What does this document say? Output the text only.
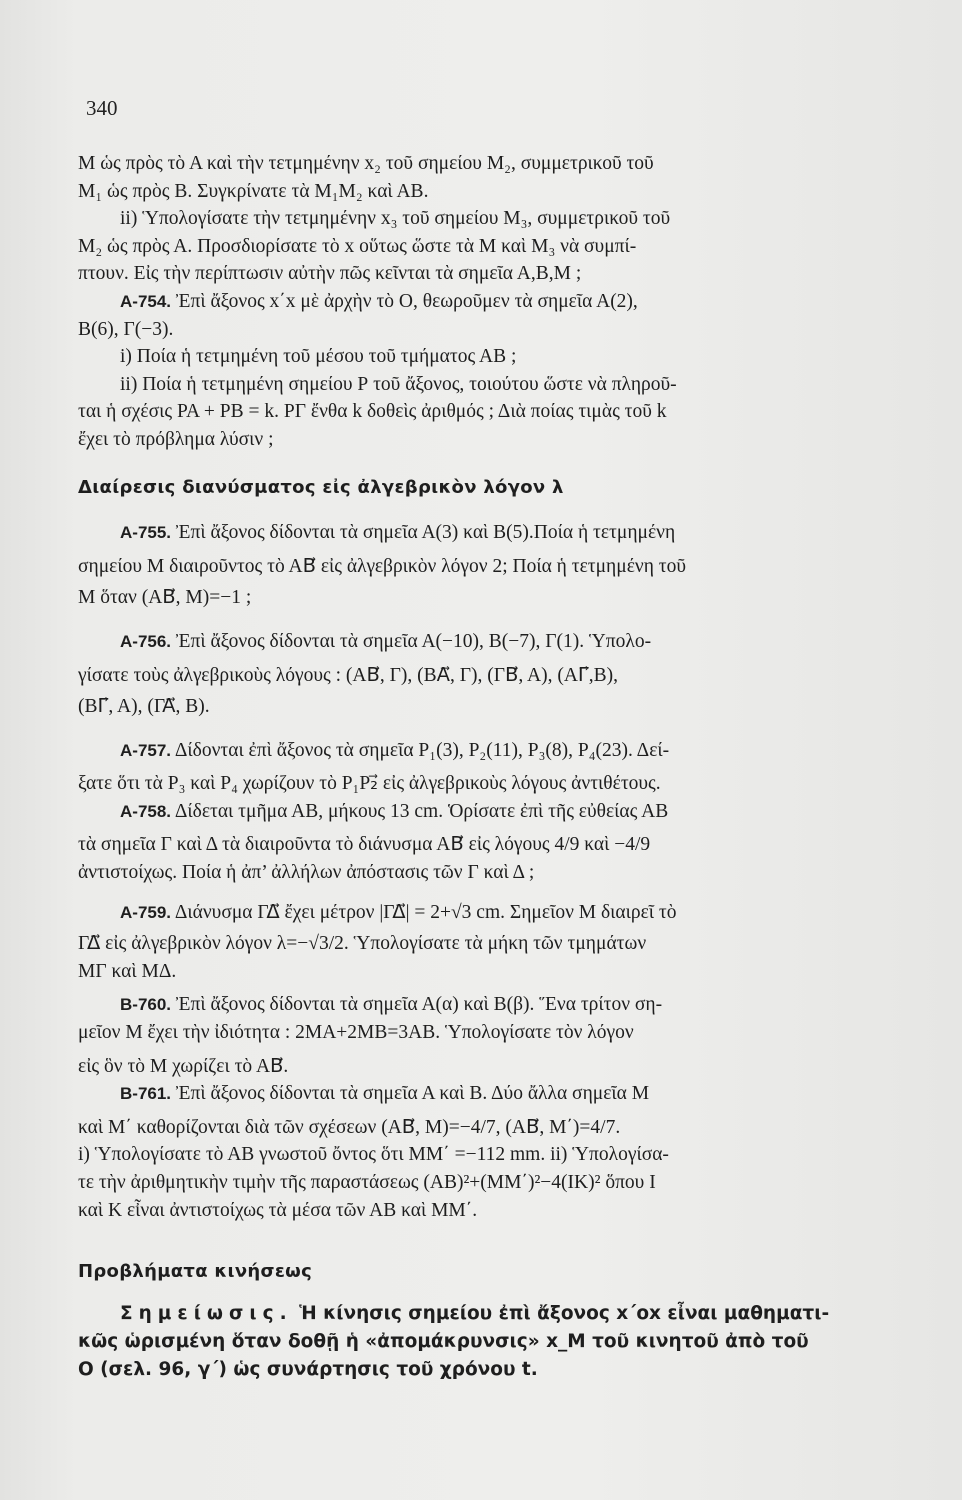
340
Μ ὡς πρὸς τὸ Α καὶ τὴν τετμημένην x₂ τοῦ σημείου Μ₂, συμμετρικοῦ τοῦ
Μ₁ ὡς πρὸς Β. Συγκρίνατε τὰ Μ₁Μ₂ καὶ ΑΒ.
ii) Ὑπολογίσατε τὴν τετμημένην x₃ τοῦ σημείου Μ₃, συμμετρικοῦ τοῦ
Μ₂ ὡς πρὸς Α. Προσδιορίσατε τὸ x οὕτως ὥστε τὰ Μ καὶ Μ₃ νὰ συμπί-
πτουν. Εἰς τὴν περίπτωσιν αὐτὴν πῶς κεῖνται τὰ σημεῖα Α,Β,Μ ;
Α-754. Ἐπὶ ἄξονος x΄x μὲ ἀρχὴν τὸ Ο, θεωροῦμεν τὰ σημεῖα Α(2),
Β(6), Γ(−3).
i) Ποία ἡ τετμημένη τοῦ μέσου τοῦ τμήματος ΑΒ ;
ii) Ποία ἡ τετμημένη σημείου Ρ τοῦ ἄξονος, τοιούτου ὥστε νὰ πληροῦ-
ται ἡ σχέσις ΡΑ + ΡΒ = k. ΡΓ ἔνθα k δοθεὶς ἀριθμός ; Διὰ ποίας τιμὰς τοῦ k
ἔχει τὸ πρόβλημα λύσιν ;
Διαίρεσις διανύσματος εἰς ἀλγεβρικὸν λόγον λ
Α-755. Ἐπὶ ἄξονος δίδονται τὰ σημεῖα Α(3) καὶ Β(5).Ποία ἡ τετμημένη
σημείου Μ διαιροῦντος τὸ ΑΒ⃗ εἰς ἀλγεβρικὸν λόγον 2; Ποία ἡ τετμημένη τοῦ
Μ ὅταν (ΑΒ⃗, Μ)=−1 ;
Α-756. Ἐπὶ ἄξονος δίδονται τὰ σημεῖα Α(−10), Β(−7), Γ(1). Ὑπολο-
γίσατε τοὺς ἀλγεβρικοὺς λόγους : (ΑΒ⃗, Γ), (ΒΑ⃗, Γ), (ΓΒ⃗, Α), (ΑΓ⃗,Β),
(ΒΓ⃗, Α), (ΓΑ⃗, Β).
Α-757. Δίδονται ἐπὶ ἄξονος τὰ σημεῖα Ρ₁(3), Ρ₂(11), Ρ₃(8), Ρ₄(23). Δεί-
ξατε ὅτι τὰ Ρ₃ καὶ Ρ₄ χωρίζουν τὸ Ρ₁Ρ₂⃗ εἰς ἀλγεβρικοὺς λόγους ἀντιθέτους.
Α-758. Δίδεται τμῆμα ΑΒ, μήκους 13 cm. Ὁρίσατε ἐπὶ τῆς εὐθείας ΑΒ
τὰ σημεῖα Γ καὶ Δ τὰ διαιροῦντα τὸ διάνυσμα ΑΒ⃗ εἰς λόγους 4/9 καὶ −4/9
ἀντιστοίχως. Ποία ἡ ἀπ’ ἀλλήλων ἀπόστασις τῶν Γ καὶ Δ ;
Α-759. Διάνυσμα ΓΔ⃗ ἔχει μέτρον |ΓΔ⃗| = 2+√3 cm. Σημεῖον Μ διαιρεῖ τὸ
ΓΔ⃗ εἰς ἀλγεβρικὸν λόγον λ=−√3/2. Ὑπολογίσατε τὰ μήκη τῶν τμημάτων
ΜΓ καὶ ΜΔ.
Β-760. Ἐπὶ ἄξονος δίδονται τὰ σημεῖα Α(α) καὶ Β(β). Ἕνα τρίτον ση-
μεῖον Μ ἔχει τὴν ἰδιότητα : 2ΜΑ+2ΜΒ=3ΑΒ. Ὑπολογίσατε τὸν λόγον
εἰς ὃν τὸ Μ χωρίζει τὸ ΑΒ⃗.
Β-761. Ἐπὶ ἄξονος δίδονται τὰ σημεῖα Α καὶ Β. Δύο ἄλλα σημεῖα Μ
καὶ Μ΄ καθορίζονται διὰ τῶν σχέσεων (ΑΒ⃗, Μ)=−4/7, (ΑΒ⃗, Μ΄)=4/7.
i) Ὑπολογίσατε τὸ ΑΒ γνωστοῦ ὄντος ὅτι ΜΜ΄ =−112 mm. ii) Ὑπολογίσα-
τε τὴν ἀριθμητικὴν τιμὴν τῆς παραστάσεως (ΑΒ)²+(ΜΜ΄)²−4(ΙΚ)² ὅπου Ι
καὶ Κ εἶναι ἀντιστοίχως τὰ μέσα τῶν ΑΒ καὶ ΜΜ΄.
Προβλήματα κινήσεως
Σημείωσις. Ἡ κίνησις σημείου ἐπὶ ἄξονος x΄οx εἶναι μαθηματι-
κῶς ὡρισμένη ὅταν δοθῇ ἡ «ἀπομάκρυνσις» x_Μ τοῦ κινητοῦ ἀπὸ τοῦ
Ο (σελ. 96, γ΄) ὡς συνάρτησις τοῦ χρόνου t.
